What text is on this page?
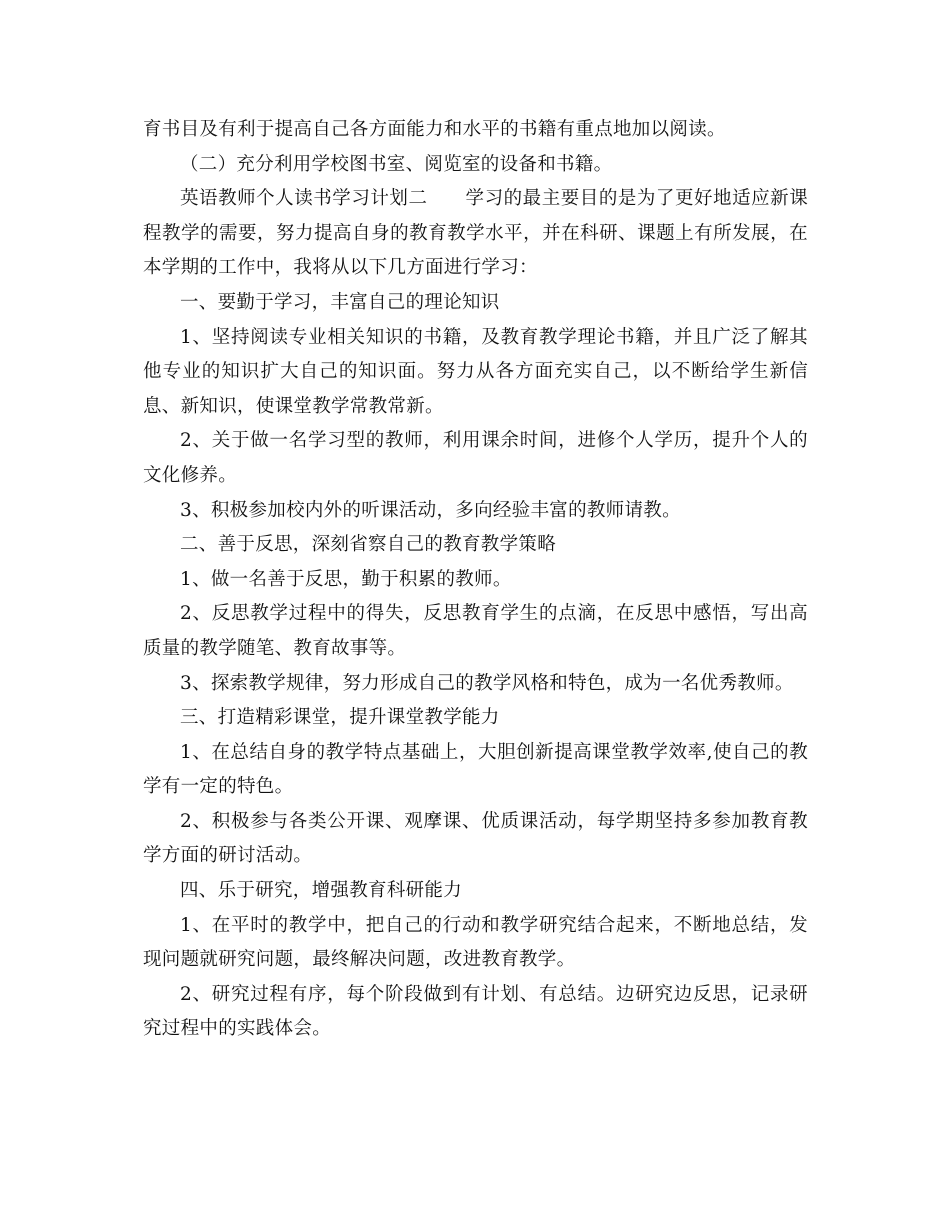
育书目及有利于提高自己各方面能力和水平的书籍有重点地加以阅读。

（二）充分利用学校图书室、阅览室的设备和书籍。

英语教师个人读书学习计划二　　学习的最主要目的是为了更好地适应新课程教学的需要，努力提高自身的教育教学水平，并在科研、课题上有所发展，在本学期的工作中，我将从以下几方面进行学习：

一、要勤于学习，丰富自己的理论知识

1、坚持阅读专业相关知识的书籍，及教育教学理论书籍，并且广泛了解其他专业的知识扩大自己的知识面。努力从各方面充实自己，以不断给学生新信息、新知识，使课堂教学常教常新。

2、关于做一名学习型的教师，利用课余时间，进修个人学历，提升个人的文化修养。

3、积极参加校内外的听课活动，多向经验丰富的教师请教。

二、善于反思，深刻省察自己的教育教学策略

1、做一名善于反思，勤于积累的教师。

2、反思教学过程中的得失，反思教育学生的点滴，在反思中感悟，写出高质量的教学随笔、教育故事等。

3、探索教学规律，努力形成自己的教学风格和特色，成为一名优秀教师。

三、打造精彩课堂，提升课堂教学能力

1、在总结自身的教学特点基础上，大胆创新提高课堂教学效率,使自己的教学有一定的特色。

2、积极参与各类公开课、观摩课、优质课活动，每学期坚持多参加教育教学方面的研讨活动。

四、乐于研究，增强教育科研能力

1、在平时的教学中，把自己的行动和教学研究结合起来，不断地总结，发现问题就研究问题，最终解决问题，改进教育教学。

2、研究过程有序，每个阶段做到有计划、有总结。边研究边反思，记录研究过程中的实践体会。
